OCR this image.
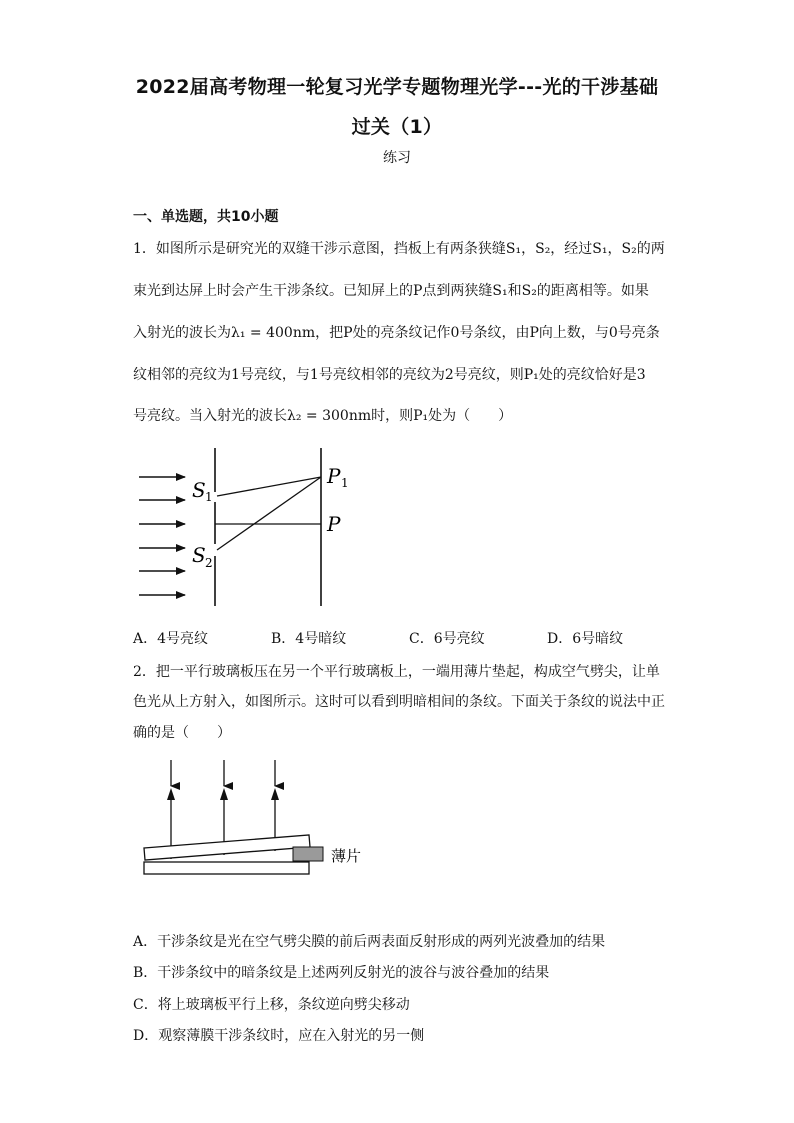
2022届高考物理一轮复习光学专题物理光学---光的干涉基础
过关（1）
练习
一、单选题，共10小题
1．如图所示是研究光的双缝干涉示意图，挡板上有两条狭缝S₁，S₂，经过S₁，S₂的两
束光到达屏上时会产生干涉条纹。已知屏上的P点到两狭缝S₁和S₂的距离相等。如果
入射光的波长为λ₁ = 400nm，把P处的亮条纹记作0号条纹，由P向上数，与0号亮条
纹相邻的亮纹为1号亮纹，与1号亮纹相邻的亮纹为2号亮纹，则P₁处的亮纹恰好是3
号亮纹。当入射光的波长λ₂ = 300nm时，则P₁处为（　　）
S 1
S 2
P 1
P
A．4号亮纹	B．4号暗纹	C．6号亮纹	D．6号暗纹
2．把一平行玻璃板压在另一个平行玻璃板上，一端用薄片垫起，构成空气劈尖，让单
色光从上方射入，如图所示。这时可以看到明暗相间的条纹。下面关于条纹的说法中正
确的是（　　）
薄片
A．干涉条纹是光在空气劈尖膜的前后两表面反射形成的两列光波叠加的结果
B．干涉条纹中的暗条纹是上述两列反射光的波谷与波谷叠加的结果
C．将上玻璃板平行上移，条纹逆向劈尖移动
D．观察薄膜干涉条纹时，应在入射光的另一侧
